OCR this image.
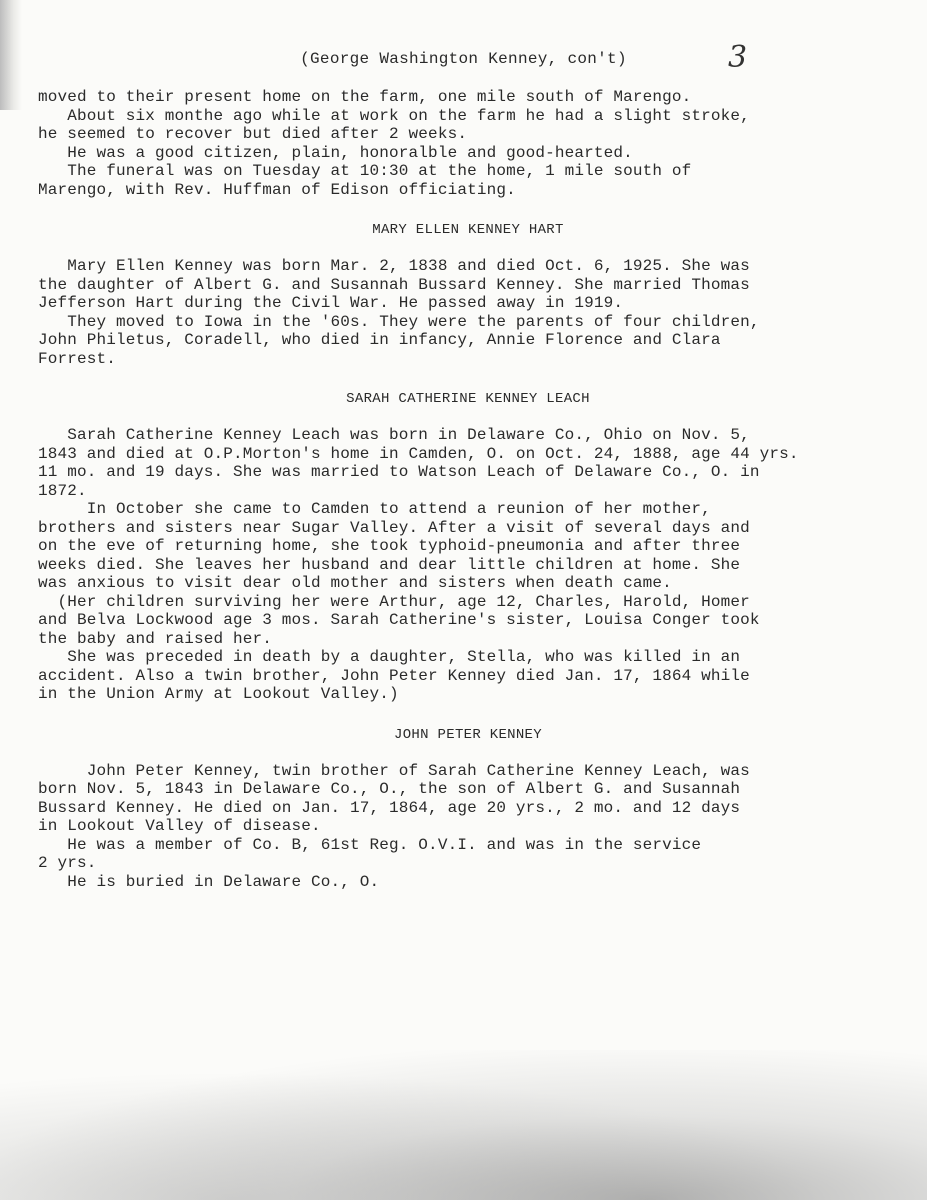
(George Washington Kenney, con't)	3
moved to their present home on the farm, one mile south of Marengo.
About six monthe ago while at work on the farm he had a slight stroke,
he seemed to recover but died after 2 weeks.
He was a good citizen, plain, honoralble and good-hearted.
The funeral was on Tuesday at 10:30 at the home, 1 mile south of
Marengo, with Rev. Huffman of Edison officiating.
MARY ELLEN KENNEY HART
Mary Ellen Kenney was born Mar. 2, 1838 and died Oct. 6, 1925. She was
the daughter of Albert G. and Susannah Bussard Kenney. She married Thomas
Jefferson Hart during the Civil War. He passed away in 1919.
They moved to Iowa in the '60s. They were the parents of four children,
John Philetus, Coradell, who died in infancy, Annie Florence and Clara
Forrest.
SARAH CATHERINE KENNEY LEACH
Sarah Catherine Kenney Leach was born in Delaware Co., Ohio on Nov. 5,
1843 and died at O.P.Morton's home in Camden, O. on Oct. 24, 1888, age 44 yrs.
11 mo. and 19 days. She was married to Watson Leach of Delaware Co., O. in
1872.
In October she came to Camden to attend a reunion of her mother,
brothers and sisters near Sugar Valley. After a visit of several days and
on the eve of returning home, she took typhoid-pneumonia and after three
weeks died. She leaves her husband and dear little children at home. She
was anxious to visit dear old mother and sisters when death came.
(Her children surviving her were Arthur, age 12, Charles, Harold, Homer
and Belva Lockwood age 3 mos. Sarah Catherine's sister, Louisa Conger took
the baby and raised her.
She was preceded in death by a daughter, Stella, who was killed in an
accident. Also a twin brother, John Peter Kenney died Jan. 17, 1864 while
in the Union Army at Lookout Valley.)
JOHN PETER KENNEY
John Peter Kenney, twin brother of Sarah Catherine Kenney Leach, was
born Nov. 5, 1843 in Delaware Co., O., the son of Albert G. and Susannah
Bussard Kenney. He died on Jan. 17, 1864, age 20 yrs., 2 mo. and 12 days
in Lookout Valley of disease.
He was a member of Co. B, 61st Reg. O.V.I. and was in the service
2 yrs.
He is buried in Delaware Co., O.
